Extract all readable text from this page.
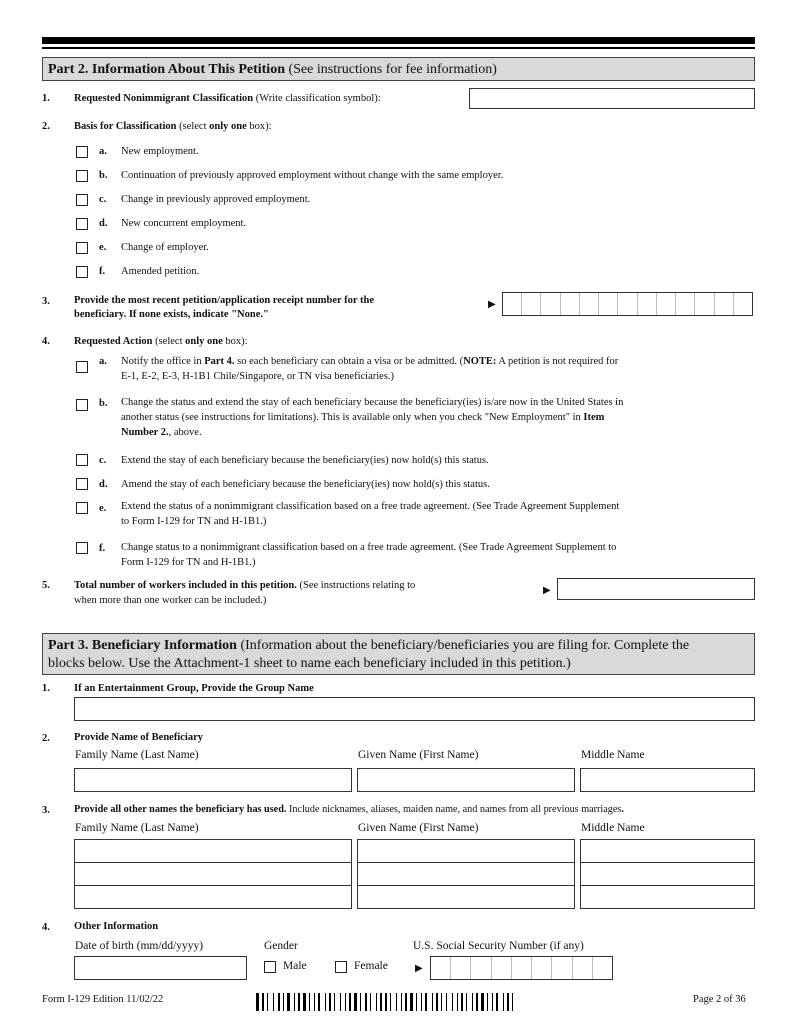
Part 2. Information About This Petition (See instructions for fee information)
1. Requested Nonimmigrant Classification (Write classification symbol):
2. Basis for Classification (select only one box):
a. New employment.
b. Continuation of previously approved employment without change with the same employer.
c. Change in previously approved employment.
d. New concurrent employment.
e. Change of employer.
f. Amended petition.
3. Provide the most recent petition/application receipt number for the
beneficiary. If none exists, indicate "None."
▶
4. Requested Action (select only one box):
a. Notify the office in Part 4. so each beneficiary can obtain a visa or be admitted. (NOTE: A petition is not required for
E-1, E-2, E-3, H-1B1 Chile/Singapore, or TN visa beneficiaries.)
b. Change the status and extend the stay of each beneficiary because the beneficiary(ies) is/are now in the United States in
another status (see instructions for limitations). This is available only when you check "New Employment" in Item
Number 2., above.
c. Extend the stay of each beneficiary because the beneficiary(ies) now hold(s) this status.
d. Amend the stay of each beneficiary because the beneficiary(ies) now hold(s) this status.
e. Extend the status of a nonimmigrant classification based on a free trade agreement. (See Trade Agreement Supplement
to Form I-129 for TN and H-1B1.)
f. Change status to a nonimmigrant classification based on a free trade agreement. (See Trade Agreement Supplement to
Form I-129 for TN and H-1B1.)
5. Total number of workers included in this petition. (See instructions relating to
when more than one worker can be included.)
▶
Part 3. Beneficiary Information (Information about the beneficiary/beneficiaries you are filing for. Complete the
blocks below. Use the Attachment-1 sheet to name each beneficiary included in this petition.)
1. If an Entertainment Group, Provide the Group Name
2. Provide Name of Beneficiary
Family Name (Last Name)	Given Name (First Name)	Middle Name
3. Provide all other names the beneficiary has used. Include nicknames, aliases, maiden name, and names from all previous marriages.
Family Name (Last Name)	Given Name (First Name)	Middle Name
4. Other Information
Date of birth (mm/dd/yyyy)	Gender
Male	Female
U.S. Social Security Number (if any)
▶
Form I-129 Edition 11/02/22	Page 2 of 36
